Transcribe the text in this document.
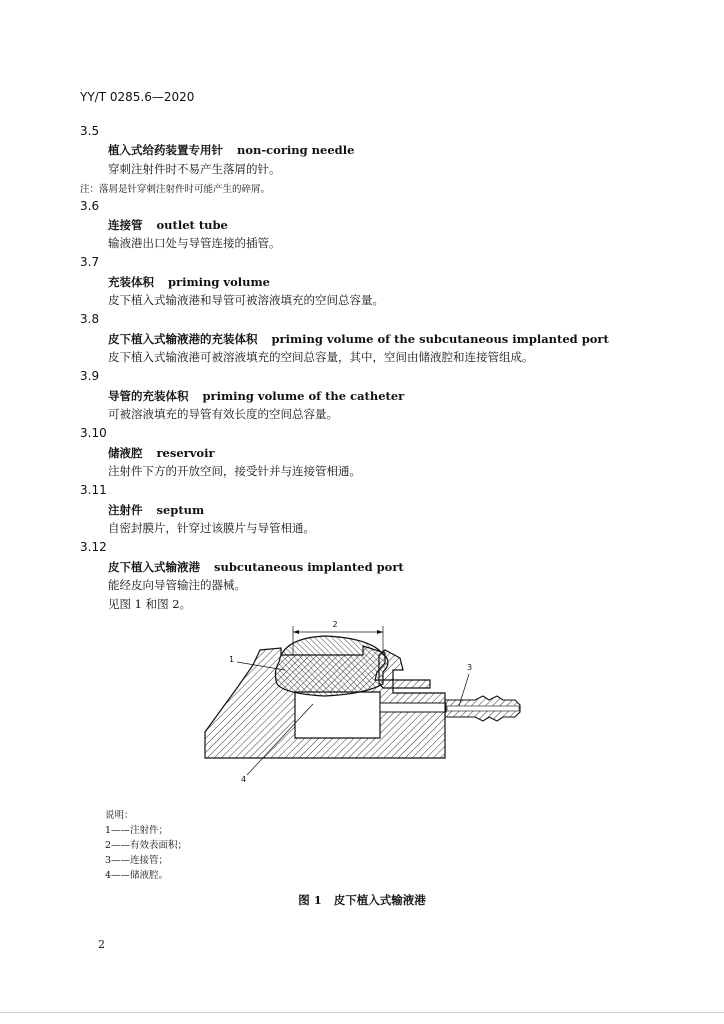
YY/T 0285.6—2020
3.5
植入式给药装置专用针 non-coring needle
穿刺注射件时不易产生落屑的针。
注：落屑是针穿刺注射件时可能产生的碎屑。
3.6
连接管 outlet tube
输液港出口处与导管连接的插管。
3.7
充装体积 priming volume
皮下植入式输液港和导管可被溶液填充的空间总容量。
3.8
皮下植入式输液港的充装体积 priming volume of the subcutaneous implanted port
皮下植入式输液港可被溶液填充的空间总容量，其中，空间由储液腔和连接管组成。
3.9
导管的充装体积 priming volume of the catheter
可被溶液填充的导管有效长度的空间总容量。
3.10
储液腔 reservoir
注射件下方的开放空间，接受针并与连接管相通。
3.11
注射件 septum
自密封膜片，针穿过该膜片与导管相通。
3.12
皮下植入式输液港 subcutaneous implanted port
能经皮向导管输注的器械。
见图 1 和图 2。
2
1
3
4
说明：
1——注射件；
2——有效表面积；
3——连接管；
4——储液腔。
图 1 皮下植入式输液港
2
